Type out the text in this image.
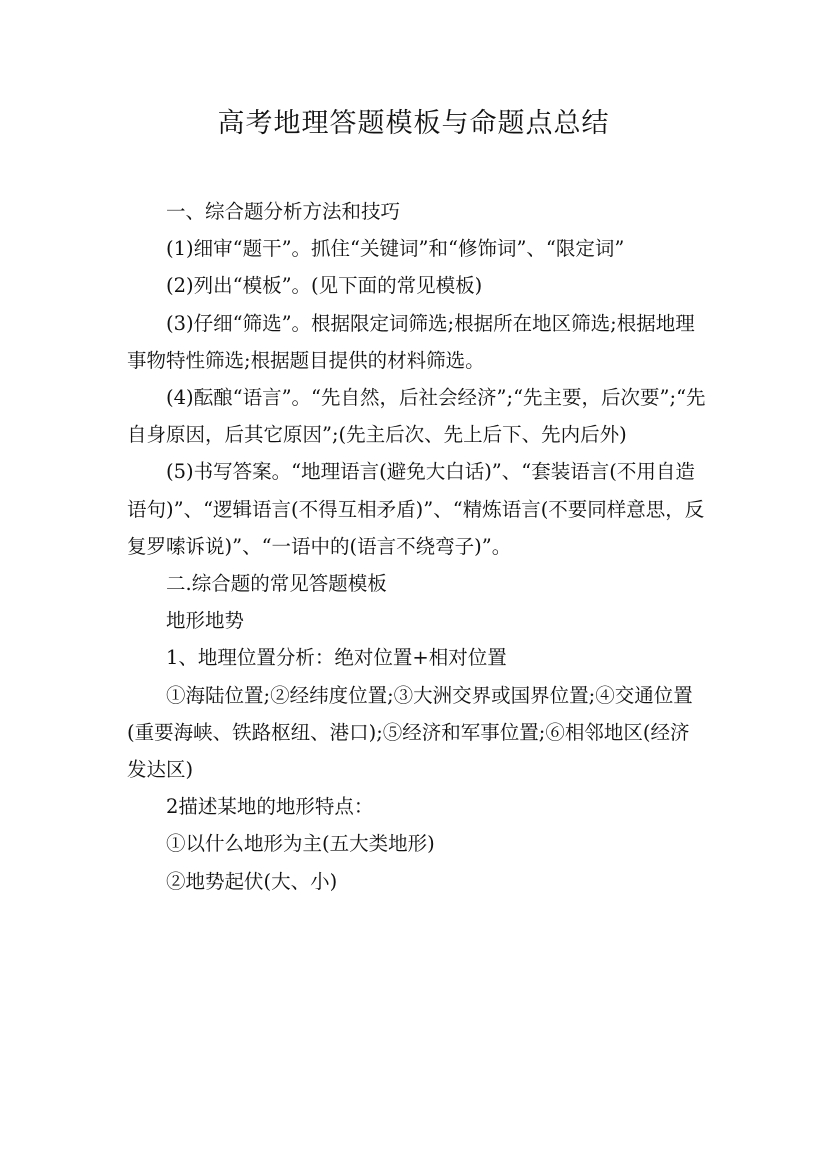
高考地理答题模板与命题点总结

一、综合题分析方法和技巧

(1)细审“题干”。抓住“关键词”和“修饰词”、“限定词”

(2)列出“模板”。(见下面的常见模板)

(3)仔细“筛选”。根据限定词筛选;根据所在地区筛选;根据地理事物特性筛选;根据题目提供的材料筛选。

(4)酝酿“语言”。“先自然，后社会经济”;“先主要，后次要”;“先自身原因，后其它原因”;(先主后次、先上后下、先内后外)

(5)书写答案。“地理语言(避免大白话)”、“套装语言(不用自造语句)”、“逻辑语言(不得互相矛盾)”、“精炼语言(不要同样意思，反复罗嗦诉说)”、“一语中的(语言不绕弯子)”。

二.综合题的常见答题模板

地形地势

1、地理位置分析：绝对位置+相对位置

①海陆位置;②经纬度位置;③大洲交界或国界位置;④交通位置(重要海峡、铁路枢纽、港口);⑤经济和军事位置;⑥相邻地区(经济发达区)

2描述某地的地形特点：

①以什么地形为主(五大类地形)

②地势起伏(大、小)
